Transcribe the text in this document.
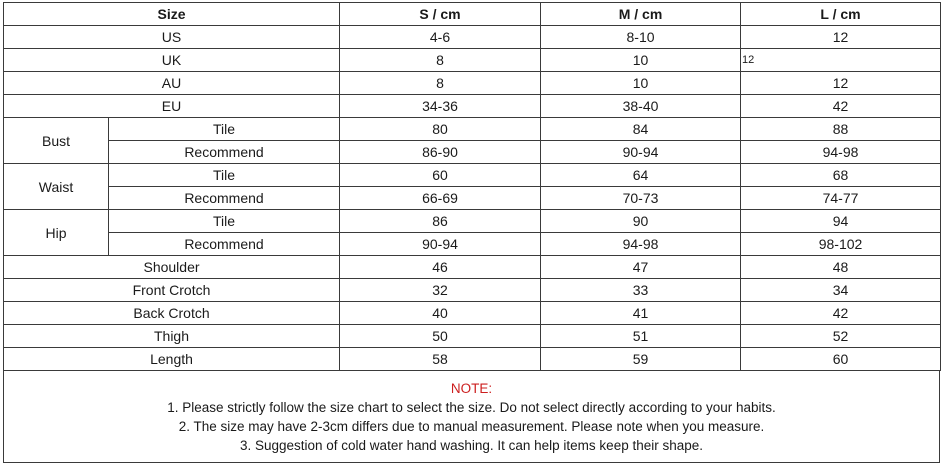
Size		S / cm	M / cm	L / cm
US		4-6	8-10	12
UK		8	10	12
AU		8	10	12
EU		34-36	38-40	42
Bust	Tile	80	84	88
	Recommend	86-90	90-94	94-98
Waist	Tile	60	64	68
	Recommend	66-69	70-73	74-77
Hip	Tile	86	90	94
	Recommend	90-94	94-98	98-102
Shoulder		46	47	48
Front Crotch		32	33	34
Back Crotch		40	41	42
Thigh		50	51	52
Length		58	59	60
NOTE:
1. Please strictly follow the size chart to select the size. Do not select directly according to your habits.
2. The size may have 2-3cm differs due to manual measurement. Please note when you measure.
3. Suggestion of cold water hand washing. It can help items keep their shape.
